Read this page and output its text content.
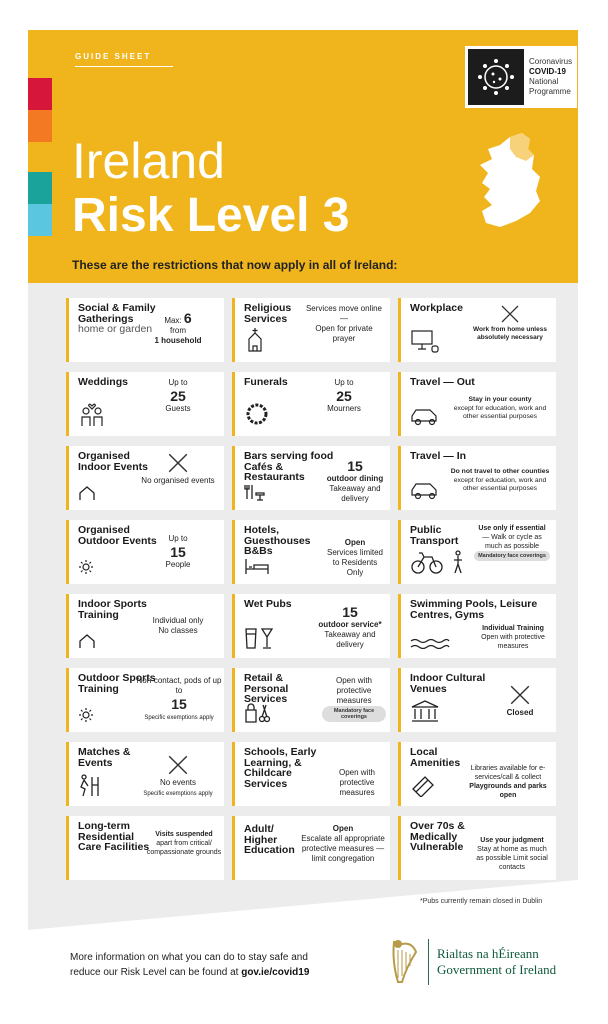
GUIDE SHEET
Ireland
Risk Level 3
These are the restrictions that now apply in all of Ireland:
Coronavirus
COVID-19
National
Programme
Social & Family Gatherings
home or garden
Max: 6
from
1 household
Religious Services
Services move online
—
Open for private prayer
Workplace
Work from home unless absolutely necessary
Weddings	Up to
25
Guests
Funerals	Up to
25
Mourners
Travel — Out
Stay in your county
except for education, work and other essential purposes
Organised Indoor Events
No organised events
Bars serving food Cafés & Restaurants
15
outdoor dining
Takeaway and delivery
Travel — In
Do not travel to other counties
except for education, work and other essential purposes
Organised Outdoor Events	Up to
15
People
Hotels, Guesthouses B&Bs
Open
Services limited to Residents Only
Public Transport
Use only if essential
— Walk or cycle as much as possible
Mandatory face coverings
Indoor Sports Training	Individual only
No classes
Wet Pubs	15
outdoor service*
Takeaway and delivery
Swimming Pools, Leisure Centres, Gyms
Individual Training
Open with protective measures
Outdoor Sports Training
Non-contact, pods of up to
15
Specific exemptions apply
Retail & Personal Services
Open with protective measures
Mandatory face coverings
Indoor Cultural Venues
Closed
Matches & Events
No events
Specific exemptions apply
Schools, Early Learning, & Childcare Services
Open with protective measures
Local Amenities	Libraries available for e-services/call & collect
Playgrounds and parks open
Long-term Residential Care Facilities
Visits suspended
apart from critical/ compassionate grounds
Adult/ Higher Education
Open
Escalate all appropriate protective measures — limit congregation
Over 70s & Medically Vulnerable
Use your judgment
Stay at home as much as possible Limit social contacts
*Pubs currently remain closed in Dublin
More information on what you can do to stay safe and reduce our Risk Level can be found at gov.ie/covid19
Rialtas na hÉireann
Government of Ireland
